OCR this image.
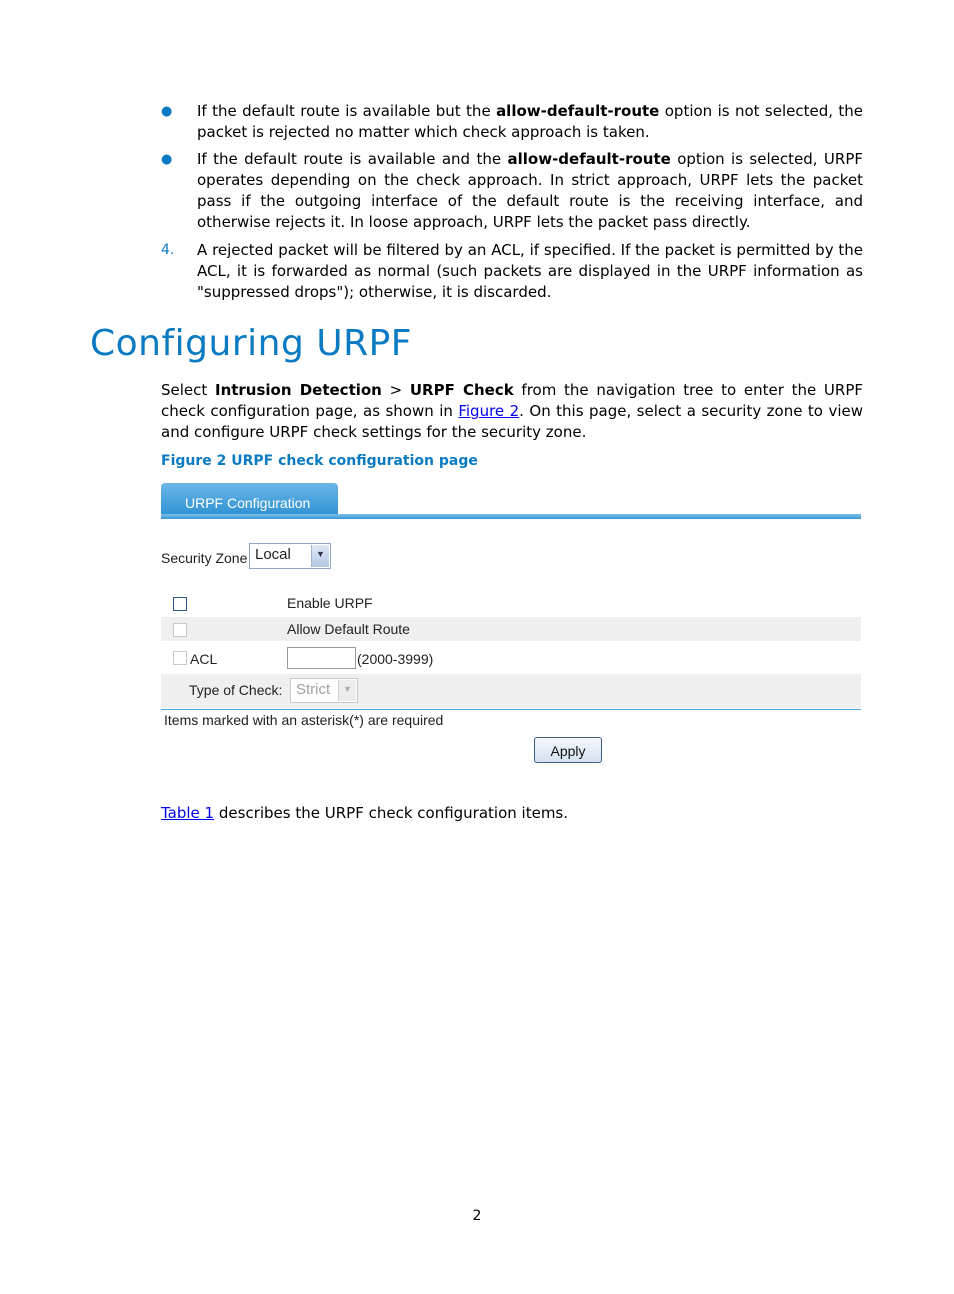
● If the default route is available but the allow-default-route option is not selected, the packet is rejected no matter which check approach is taken.
● If the default route is available and the allow-default-route option is selected, URPF operates depending on the check approach. In strict approach, URPF lets the packet pass if the outgoing interface of the default route is the receiving interface, and otherwise rejects it. In loose approach, URPF lets the packet pass directly.
4. A rejected packet will be filtered by an ACL, if specified. If the packet is permitted by the ACL, it is forwarded as normal (such packets are displayed in the URPF information as "suppressed drops"); otherwise, it is discarded.
Configuring URPF
Select Intrusion Detection > URPF Check from the navigation tree to enter the URPF check configuration page, as shown in Figure 2. On this page, select a security zone to view and configure URPF check settings for the security zone.
Figure 2 URPF check configuration page
URPF Configuration
Security Zone Local	▼
Enable URPF
Allow Default Route
ACL	(2000-3999)
Type of Check: Strict	▼
Items marked with an asterisk(*) are required
Apply
Table 1 describes the URPF check configuration items.
2
